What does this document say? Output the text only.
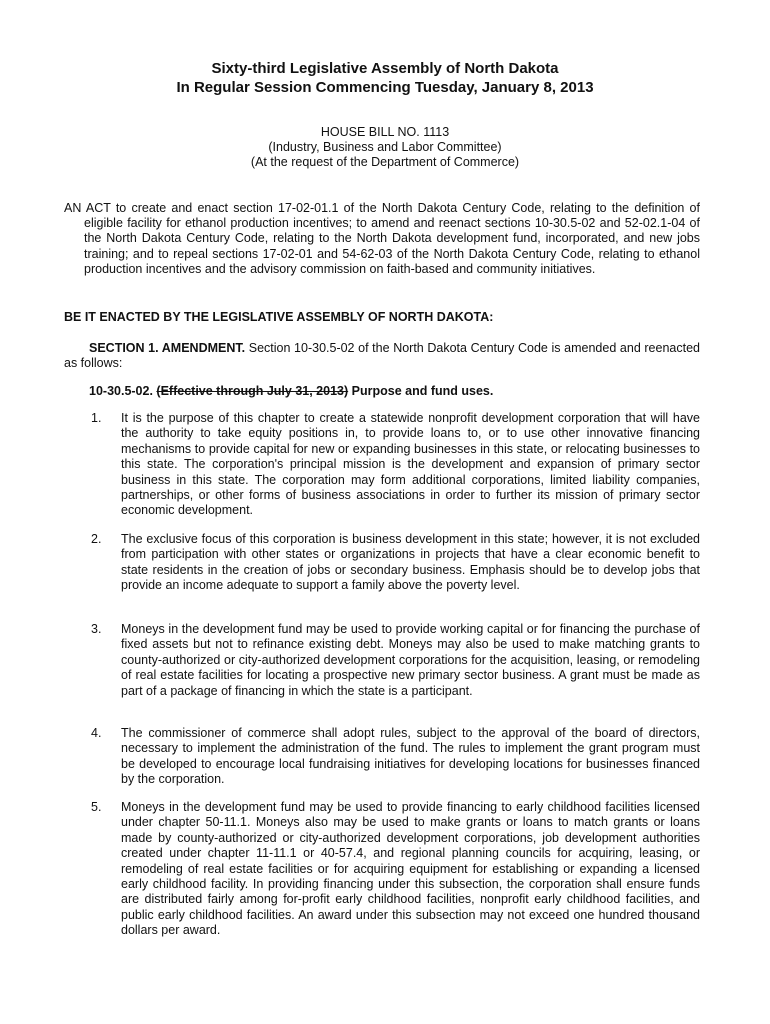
Sixty-third Legislative Assembly of North Dakota
In Regular Session Commencing Tuesday, January 8, 2013
HOUSE BILL NO. 1113
(Industry, Business and Labor Committee)
(At the request of the Department of Commerce)
AN ACT to create and enact section 17-02-01.1 of the North Dakota Century Code, relating to the definition of eligible facility for ethanol production incentives; to amend and reenact sections 10-30.5-02 and 52-02.1-04 of the North Dakota Century Code, relating to the North Dakota development fund, incorporated, and new jobs training; and to repeal sections 17-02-01 and 54-62-03 of the North Dakota Century Code, relating to ethanol production incentives and the advisory commission on faith-based and community initiatives.
BE IT ENACTED BY THE LEGISLATIVE ASSEMBLY OF NORTH DAKOTA:
SECTION 1. AMENDMENT. Section 10-30.5-02 of the North Dakota Century Code is amended and reenacted as follows:
10-30.5-02. (Effective through July 31, 2013) Purpose and fund uses.
1. It is the purpose of this chapter to create a statewide nonprofit development corporation that will have the authority to take equity positions in, to provide loans to, or to use other innovative financing mechanisms to provide capital for new or expanding businesses in this state, or relocating businesses to this state. The corporation's principal mission is the development and expansion of primary sector business in this state. The corporation may form additional corporations, limited liability companies, partnerships, or other forms of business associations in order to further its mission of primary sector economic development.
2. The exclusive focus of this corporation is business development in this state; however, it is not excluded from participation with other states or organizations in projects that have a clear economic benefit to state residents in the creation of jobs or secondary business. Emphasis should be to develop jobs that provide an income adequate to support a family above the poverty level.
3. Moneys in the development fund may be used to provide working capital or for financing the purchase of fixed assets but not to refinance existing debt. Moneys may also be used to make matching grants to county-authorized or city-authorized development corporations for the acquisition, leasing, or remodeling of real estate facilities for locating a prospective new primary sector business. A grant must be made as part of a package of financing in which the state is a participant.
4. The commissioner of commerce shall adopt rules, subject to the approval of the board of directors, necessary to implement the administration of the fund. The rules to implement the grant program must be developed to encourage local fundraising initiatives for developing locations for businesses financed by the corporation.
5. Moneys in the development fund may be used to provide financing to early childhood facilities licensed under chapter 50-11.1. Moneys also may be used to make grants or loans to match grants or loans made by county-authorized or city-authorized development corporations, job development authorities created under chapter 11-11.1 or 40-57.4, and regional planning councils for acquiring, leasing, or remodeling of real estate facilities or for acquiring equipment for establishing or expanding a licensed early childhood facility. In providing financing under this subsection, the corporation shall ensure funds are distributed fairly among for-profit early childhood facilities, nonprofit early childhood facilities, and public early childhood facilities. An award under this subsection may not exceed one hundred thousand dollars per award.
